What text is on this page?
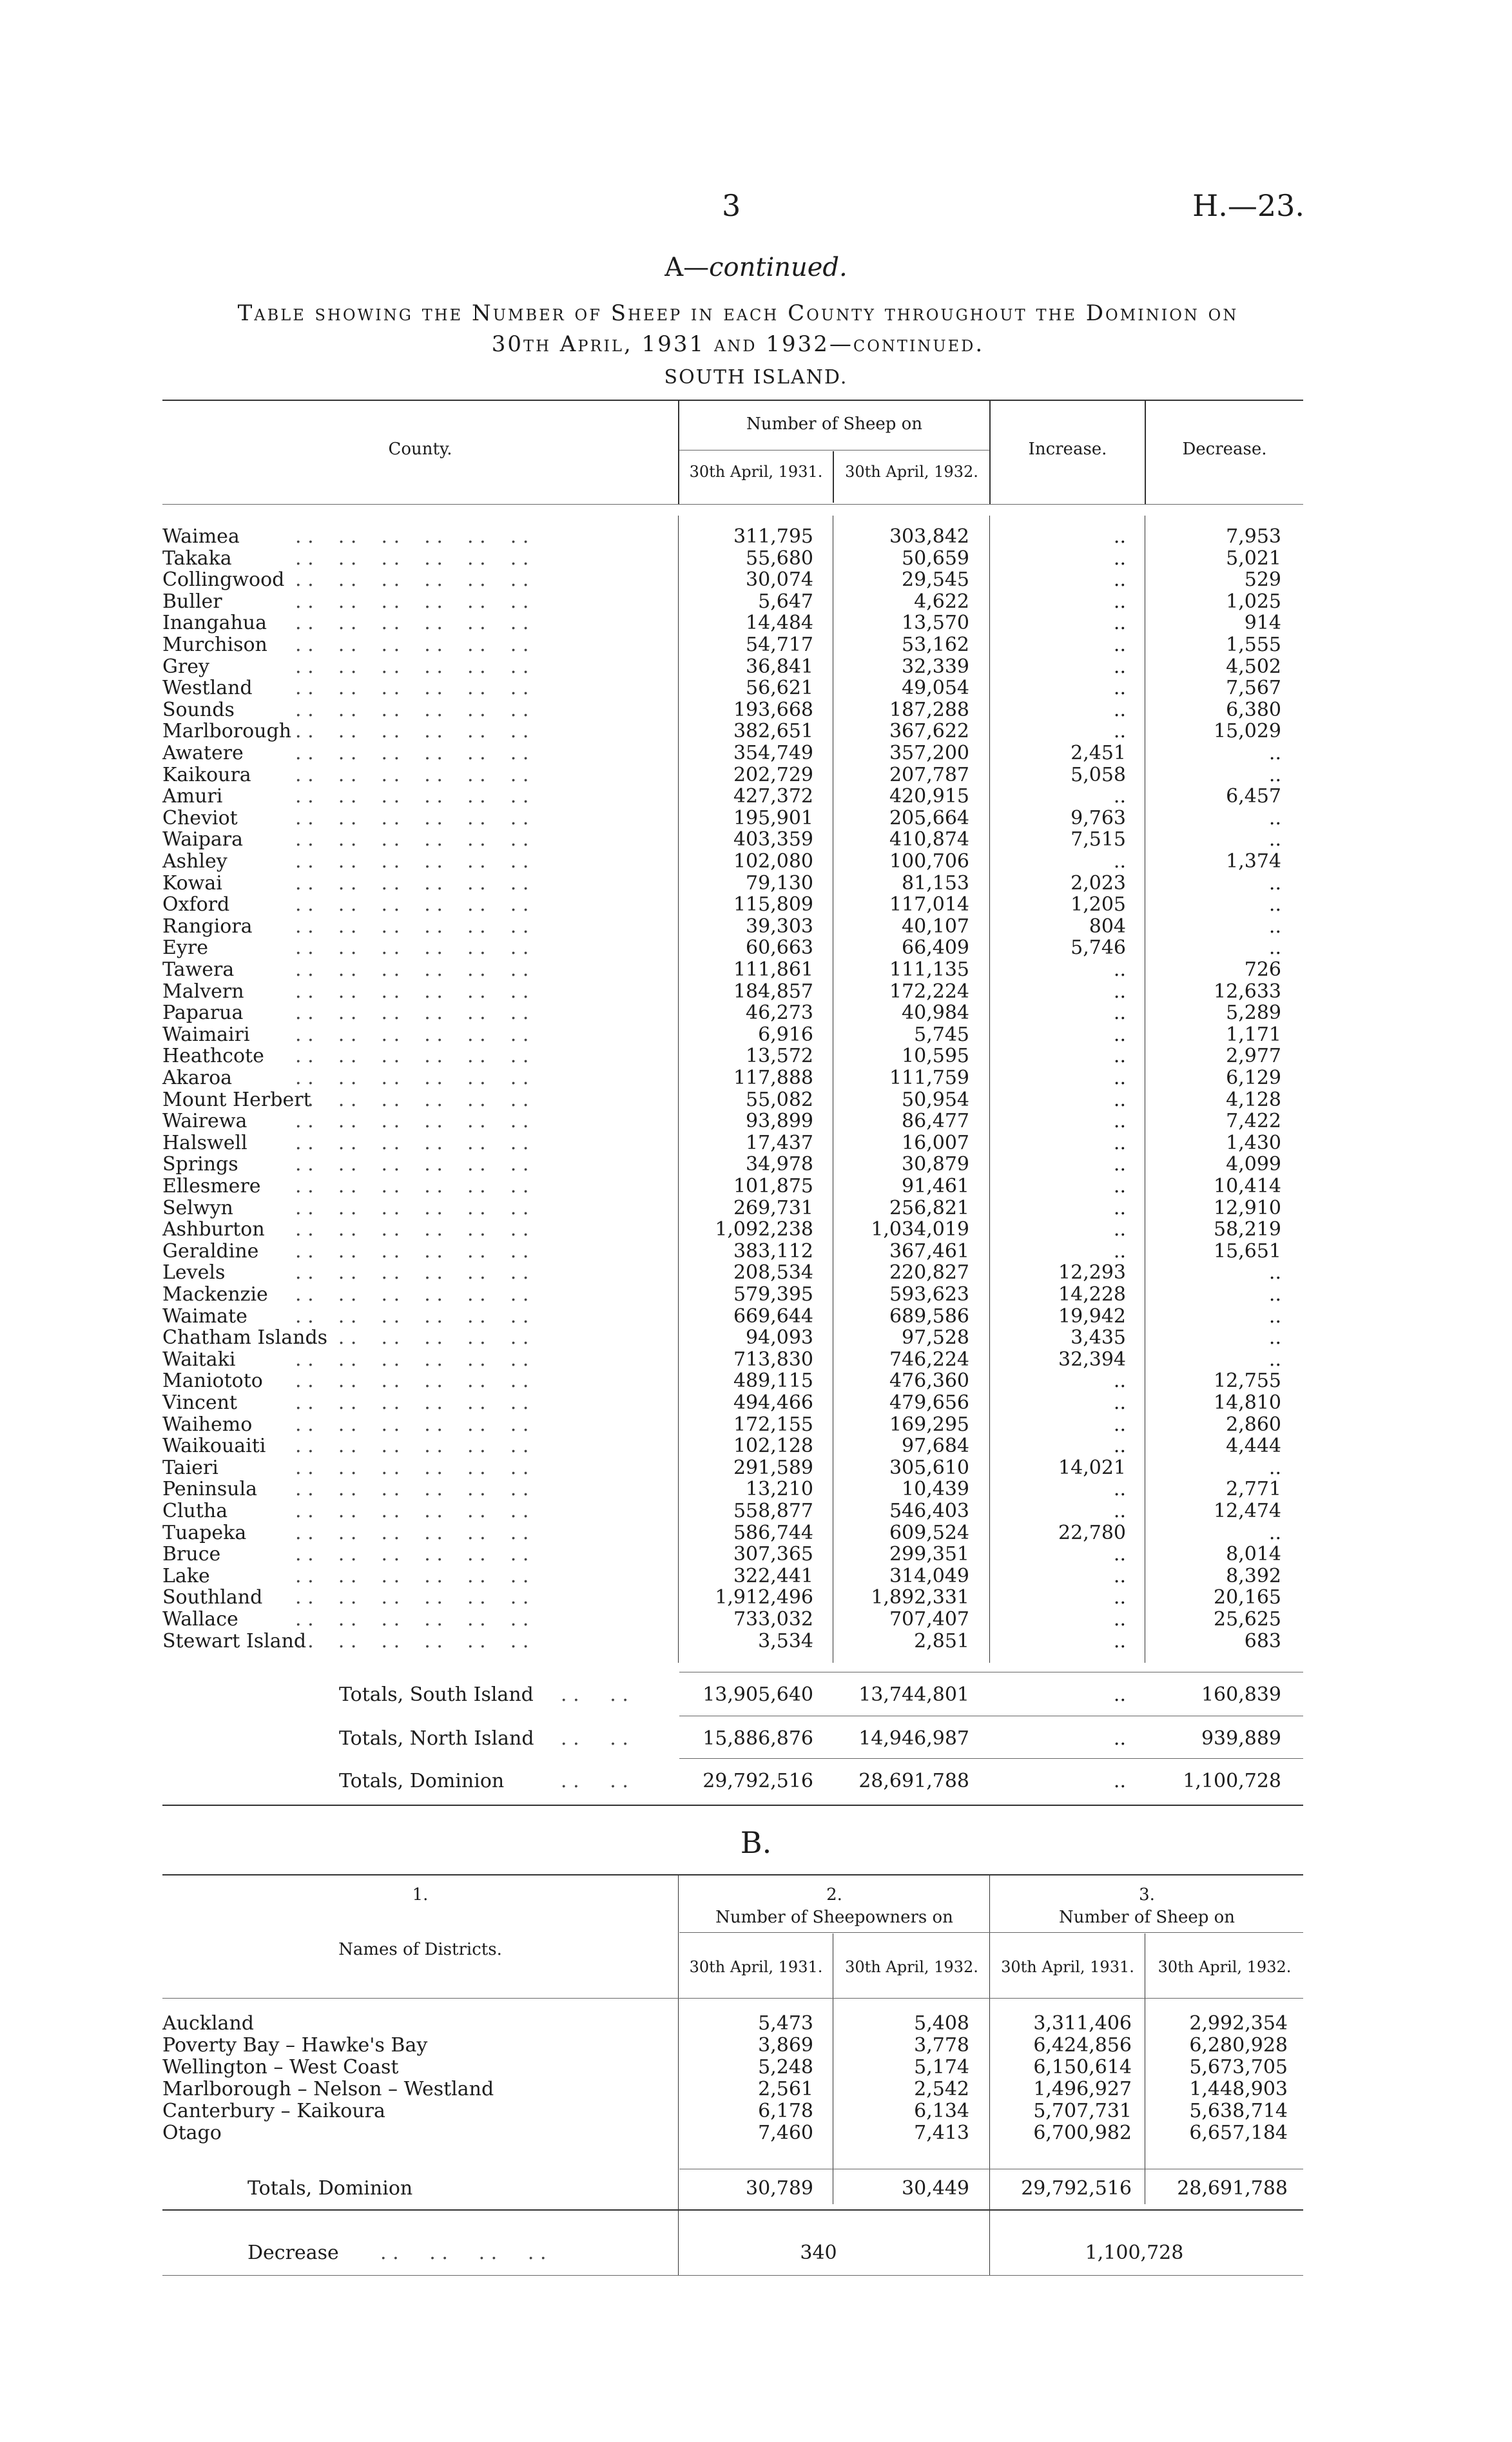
3	H.—23.
A—continued.
Table showing the Number of Sheep in each County throughout the Dominion on
30th April, 1931 and 1932—continued.
SOUTH ISLAND.
County.
Number of Sheep on
30th April, 1931.	30th April, 1932.
Increase.	Decrease.
Waimea	311,795	303,842	..	7,953
. .    . .    . .    . .    . .    . .
Takaka	55,680	50,659	..	5,021
. .    . .    . .    . .    . .    . .
Collingwood	30,074	29,545	..	529
. .    . .    . .    . .    . .    . .
Buller	5,647	4,622	..	1,025
. .    . .    . .    . .    . .    . .
Inangahua	14,484	13,570	..	914
. .    . .    . .    . .    . .    . .
Murchison	54,717	53,162	..	1,555
. .    . .    . .    . .    . .    . .
Grey	36,841	32,339	..	4,502
. .    . .    . .    . .    . .    . .
Westland	56,621	49,054	..	7,567
. .    . .    . .    . .    . .    . .
Sounds	193,668	187,288	..	6,380
. .    . .    . .    . .    . .    . .
Marlborough	382,651	367,622	..	15,029
. .    . .    . .    . .    . .    . .
Awatere	354,749	357,200	2,451	..
. .    . .    . .    . .    . .    . .
Kaikoura	202,729	207,787	5,058	..
. .    . .    . .    . .    . .    . .
Amuri	427,372	420,915	..	6,457
. .    . .    . .    . .    . .    . .
Cheviot	195,901	205,664	9,763	..
. .    . .    . .    . .    . .    . .
Waipara	403,359	410,874	7,515	..
. .    . .    . .    . .    . .    . .
Ashley	102,080	100,706	..	1,374
. .    . .    . .    . .    . .    . .
Kowai	79,130	81,153	2,023	..
. .    . .    . .    . .    . .    . .
Oxford	115,809	117,014	1,205	..
. .    . .    . .    . .    . .    . .
Rangiora	39,303	40,107	804	..
. .    . .    . .    . .    . .    . .
Eyre	60,663	66,409	5,746	..
. .    . .    . .    . .    . .    . .
Tawera	111,861	111,135	..	726
. .    . .    . .    . .    . .    . .
Malvern	184,857	172,224	..	12,633
. .    . .    . .    . .    . .    . .
Paparua	46,273	40,984	..	5,289
. .    . .    . .    . .    . .    . .
Waimairi	6,916	5,745	..	1,171
. .    . .    . .    . .    . .    . .
Heathcote	13,572	10,595	..	2,977
. .    . .    . .    . .    . .    . .
Akaroa	117,888	111,759	..	6,129
. .    . .    . .    . .    . .    . .
Mount Herbert	55,082	50,954	..	4,128
. .    . .    . .    . .    . .    . .
Wairewa	93,899	86,477	..	7,422
. .    . .    . .    . .    . .    . .
Halswell	17,437	16,007	..	1,430
. .    . .    . .    . .    . .    . .
Springs	34,978	30,879	..	4,099
. .    . .    . .    . .    . .    . .
Ellesmere	101,875	91,461	..	10,414
. .    . .    . .    . .    . .    . .
Selwyn	269,731	256,821	..	12,910
. .    . .    . .    . .    . .    . .
Ashburton	1,092,238	1,034,019	..	58,219
. .    . .    . .    . .    . .    . .
Geraldine	383,112	367,461	..	15,651
. .    . .    . .    . .    . .    . .
Levels	208,534	220,827	12,293	..
. .    . .    . .    . .    . .    . .
Mackenzie	579,395	593,623	14,228	..
. .    . .    . .    . .    . .    . .
Waimate	669,644	689,586	19,942	..
. .    . .    . .    . .    . .    . .
Chatham Islands	94,093	97,528	3,435	..
. .    . .    . .    . .    . .    . .
Waitaki	713,830	746,224	32,394	..
. .    . .    . .    . .    . .    . .
Maniototo	489,115	476,360	..	12,755
. .    . .    . .    . .    . .    . .
Vincent	494,466	479,656	..	14,810
. .    . .    . .    . .    . .    . .
Waihemo	172,155	169,295	..	2,860
. .    . .    . .    . .    . .    . .
Waikouaiti	102,128	97,684	..	4,444
. .    . .    . .    . .    . .    . .
Taieri	291,589	305,610	14,021	..
. .    . .    . .    . .    . .    . .
Peninsula	13,210	10,439	..	2,771
. .    . .    . .    . .    . .    . .
Clutha	558,877	546,403	..	12,474
. .    . .    . .    . .    . .    . .
Tuapeka	586,744	609,524	22,780	..
. .    . .    . .    . .    . .    . .
Bruce	307,365	299,351	..	8,014
. .    . .    . .    . .    . .    . .
Lake	322,441	314,049	..	8,392
. .    . .    . .    . .    . .    . .
Southland	1,912,496	1,892,331	..	20,165
. .    . .    . .    . .    . .    . .
Wallace	733,032	707,407	..	25,625
. .    . .    . .    . .    . .    . .
Stewart Island	3,534	2,851	..	683
. .    . .    . .    . .    . .    . .
Totals, South Island	13,905,640	13,744,801	..	160,839
. .     . .
Totals, North Island	15,886,876	14,946,987	..	939,889
. .     . .
Totals, Dominion	29,792,516	28,691,788	..	1,100,728
. .     . .
B.
1.
Names of Districts.
2.
Number of Sheepowners on
3.
Number of Sheep on
30th April, 1931.	30th April, 1932.	30th April, 1931.	30th April, 1932.
Auckland	5,473	5,408	3,311,406	2,992,354
Poverty Bay – Hawke's Bay	3,869	3,778	6,424,856	6,280,928
Wellington – West Coast	5,248	5,174	6,150,614	5,673,705
Marlborough – Nelson – Westland	2,561	2,542	1,496,927	1,448,903
Canterbury – Kaikoura	6,178	6,134	5,707,731	5,638,714
Otago	7,460	7,413	6,700,982	6,657,184
Totals, Dominion	30,789	30,449	29,792,516	28,691,788
Decrease . .     . .     . .     . .	340	1,100,728
